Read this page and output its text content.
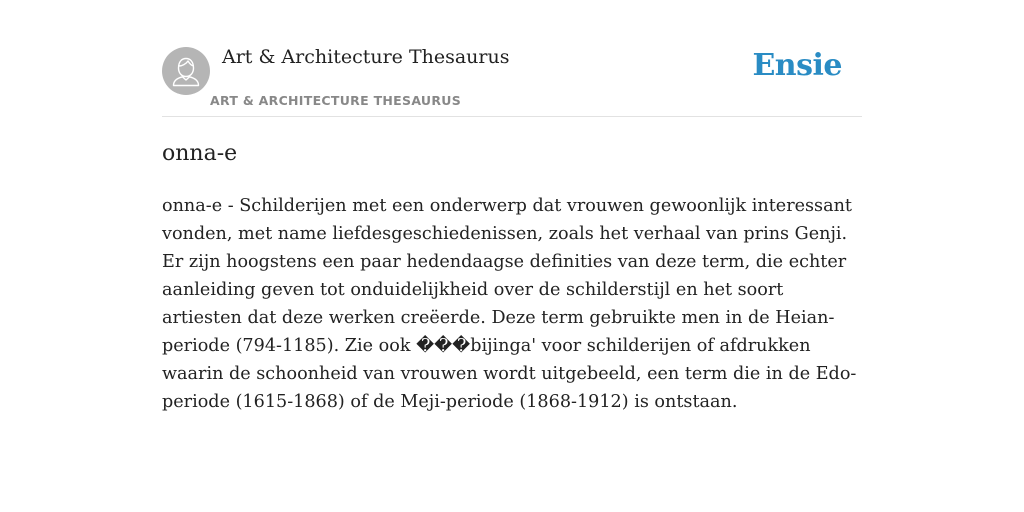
Art & Architecture Thesaurus
ART & ARCHITECTURE THESAURUS
Ensie
onna-e

onna-e - Schilderijen met een onderwerp dat vrouwen gewoonlijk interessant vonden, met name liefdesgeschiedenissen, zoals het verhaal van prins Genji. Er zijn hoogstens een paar hedendaagse definities van deze term, die echter aanleiding geven tot onduidelijkheid over de schilderstijl en het soort artiesten dat deze werken creëerde. Deze term gebruikte men in de Heian-periode (794-1185). Zie ook ���bijinga' voor schilderijen of afdrukken waarin de schoonheid van vrouwen wordt uitgebeeld, een term die in de Edo-periode (1615-1868) of de Meji-periode (1868-1912) is ontstaan.
